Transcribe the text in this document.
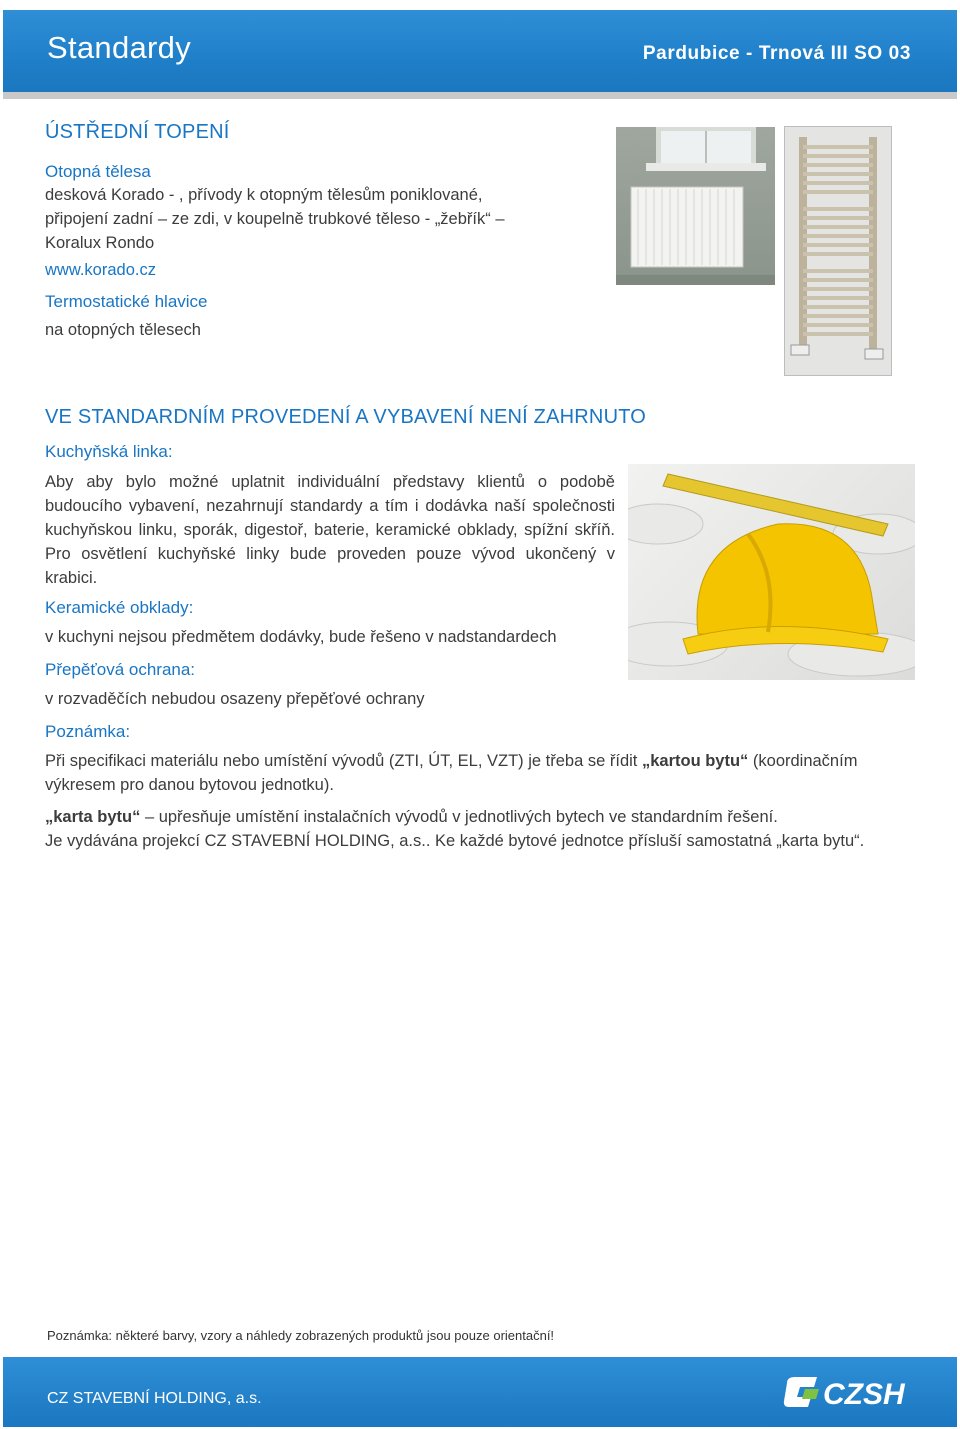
Standardy	Pardubice - Trnová III SO 03
ÚSTŘEDNÍ TOPENÍ
Otopná tělesa
desková Korado - , přívody k otopným tělesům poniklované,
připojení zadní – ze zdi, v koupelně trubkové těleso - „žebřík“ –
Koralux Rondo
www.korado.cz
Termostatické hlavice
na otopných tělesech
VE STANDARDNÍM PROVEDENÍ A VYBAVENÍ NENÍ ZAHRNUTO
Kuchyňská linka:
Aby aby bylo možné uplatnit individuální představy klientů o podobě budoucího vybavení, nezahrnují standardy a tím i dodávka naší společnosti kuchyňskou linku, sporák, digestoř, baterie, keramické obklady, spížní skříň. Pro osvětlení kuchyňské linky bude proveden pouze vývod ukončený v krabici.
Keramické obklady:
v kuchyni nejsou předmětem dodávky, bude řešeno v nadstandardech
Přepěťová ochrana:
v rozvaděčích nebudou osazeny přepěťové ochrany
Poznámka:
Při specifikaci materiálu nebo umístění vývodů (ZTI, ÚT, EL, VZT) je třeba se řídit „kartou bytu“ (koordinačním výkresem pro danou bytovou jednotku).
„karta bytu“ – upřesňuje umístění instalačních vývodů v jednotlivých bytech ve standardním řešení.
Je vydávána projekcí CZ STAVEBNÍ HOLDING, a.s.. Ke každé bytové jednotce přísluší samostatná „karta bytu“.
Poznámka: některé barvy, vzory a náhledy zobrazených produktů jsou pouze orientační!
CZ STAVEBNÍ HOLDING, a.s.	CZSH
